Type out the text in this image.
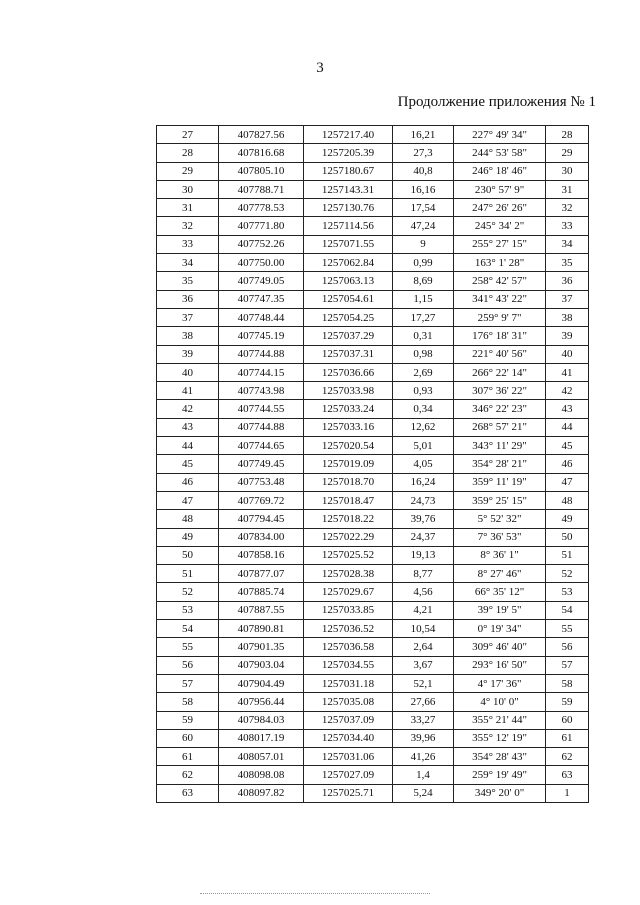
3
Продолжение приложения № 1
27	407827.56	1257217.40	16,21	227° 49' 34"	28
28	407816.68	1257205.39	27,3	244° 53' 58"	29
29	407805.10	1257180.67	40,8	246° 18' 46"	30
30	407788.71	1257143.31	16,16	230° 57' 9"	31
31	407778.53	1257130.76	17,54	247° 26' 26"	32
32	407771.80	1257114.56	47,24	245° 34' 2"	33
33	407752.26	1257071.55	9	255° 27' 15"	34
34	407750.00	1257062.84	0,99	163° 1' 28"	35
35	407749.05	1257063.13	8,69	258° 42' 57"	36
36	407747.35	1257054.61	1,15	341° 43' 22"	37
37	407748.44	1257054.25	17,27	259° 9' 7"	38
38	407745.19	1257037.29	0,31	176° 18' 31"	39
39	407744.88	1257037.31	0,98	221° 40' 56"	40
40	407744.15	1257036.66	2,69	266° 22' 14"	41
41	407743.98	1257033.98	0,93	307° 36' 22"	42
42	407744.55	1257033.24	0,34	346° 22' 23"	43
43	407744.88	1257033.16	12,62	268° 57' 21"	44
44	407744.65	1257020.54	5,01	343° 11' 29"	45
45	407749.45	1257019.09	4,05	354° 28' 21"	46
46	407753.48	1257018.70	16,24	359° 11' 19"	47
47	407769.72	1257018.47	24,73	359° 25' 15"	48
48	407794.45	1257018.22	39,76	5° 52' 32"	49
49	407834.00	1257022.29	24,37	7° 36' 53"	50
50	407858.16	1257025.52	19,13	8° 36' 1"	51
51	407877.07	1257028.38	8,77	8° 27' 46"	52
52	407885.74	1257029.67	4,56	66° 35' 12"	53
53	407887.55	1257033.85	4,21	39° 19' 5"	54
54	407890.81	1257036.52	10,54	0° 19' 34"	55
55	407901.35	1257036.58	2,64	309° 46' 40"	56
56	407903.04	1257034.55	3,67	293° 16' 50"	57
57	407904.49	1257031.18	52,1	4° 17' 36"	58
58	407956.44	1257035.08	27,66	4° 10' 0"	59
59	407984.03	1257037.09	33,27	355° 21' 44"	60
60	408017.19	1257034.40	39,96	355° 12' 19"	61
61	408057.01	1257031.06	41,26	354° 28' 43"	62
62	408098.08	1257027.09	1,4	259° 19' 49"	63
63	408097.82	1257025.71	5,24	349° 20' 0"	1
